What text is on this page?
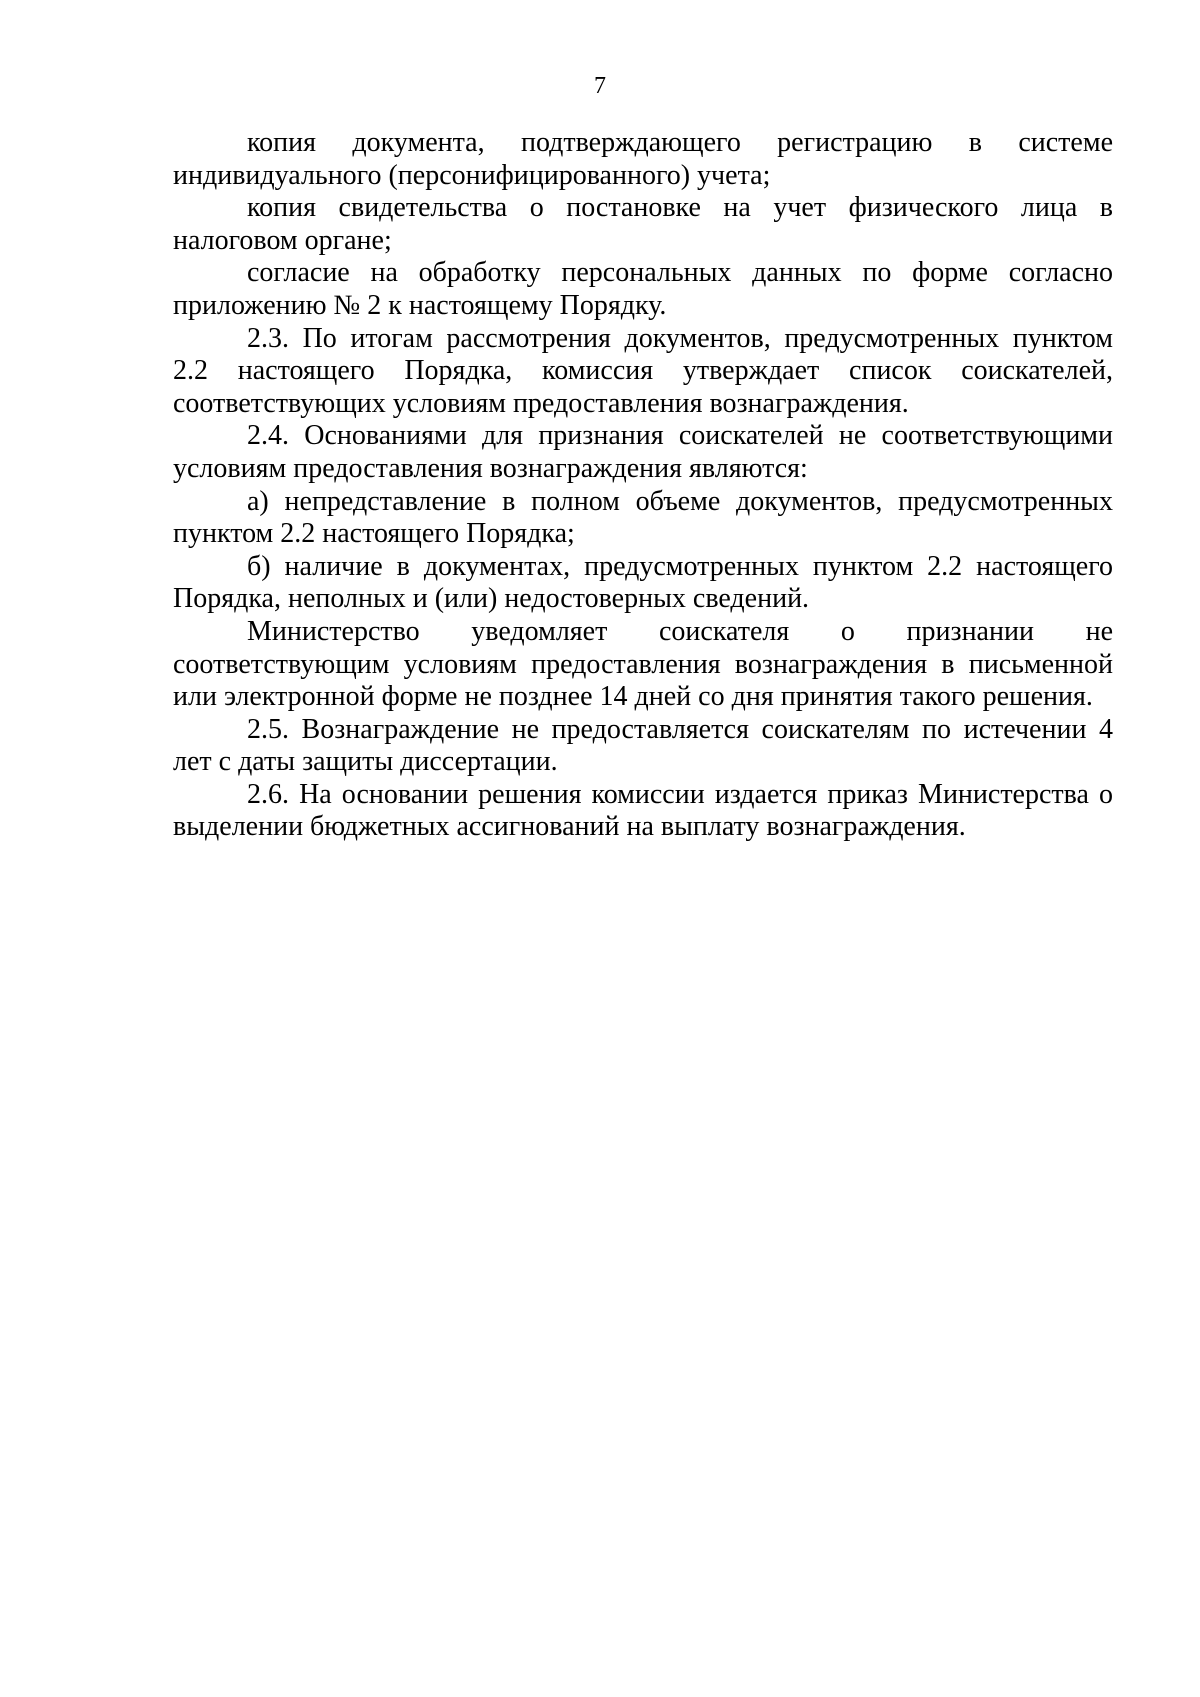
7

копия документа, подтверждающего регистрацию в системе индивидуального (персонифицированного) учета;

копия свидетельства о постановке на учет физического лица в налоговом органе;

согласие на обработку персональных данных по форме согласно приложению № 2 к настоящему Порядку.

2.3. По итогам рассмотрения документов, предусмотренных пунктом 2.2 настоящего Порядка, комиссия утверждает список соискателей, соответствующих условиям предоставления вознаграждения.

2.4. Основаниями для признания соискателей не соответствующими условиям предоставления вознаграждения являются:

а) непредставление в полном объеме документов, предусмотренных пунктом 2.2 настоящего Порядка;

б) наличие в документах, предусмотренных пунктом 2.2 настоящего Порядка, неполных и (или) недостоверных сведений.

Министерство уведомляет соискателя о признании не соответствующим условиям предоставления вознаграждения в письменной или электронной форме не позднее 14 дней со дня принятия такого решения.

2.5. Вознаграждение не предоставляется соискателям по истечении 4 лет с даты защиты диссертации.

2.6. На основании решения комиссии издается приказ Министерства о выделении бюджетных ассигнований на выплату вознаграждения.
